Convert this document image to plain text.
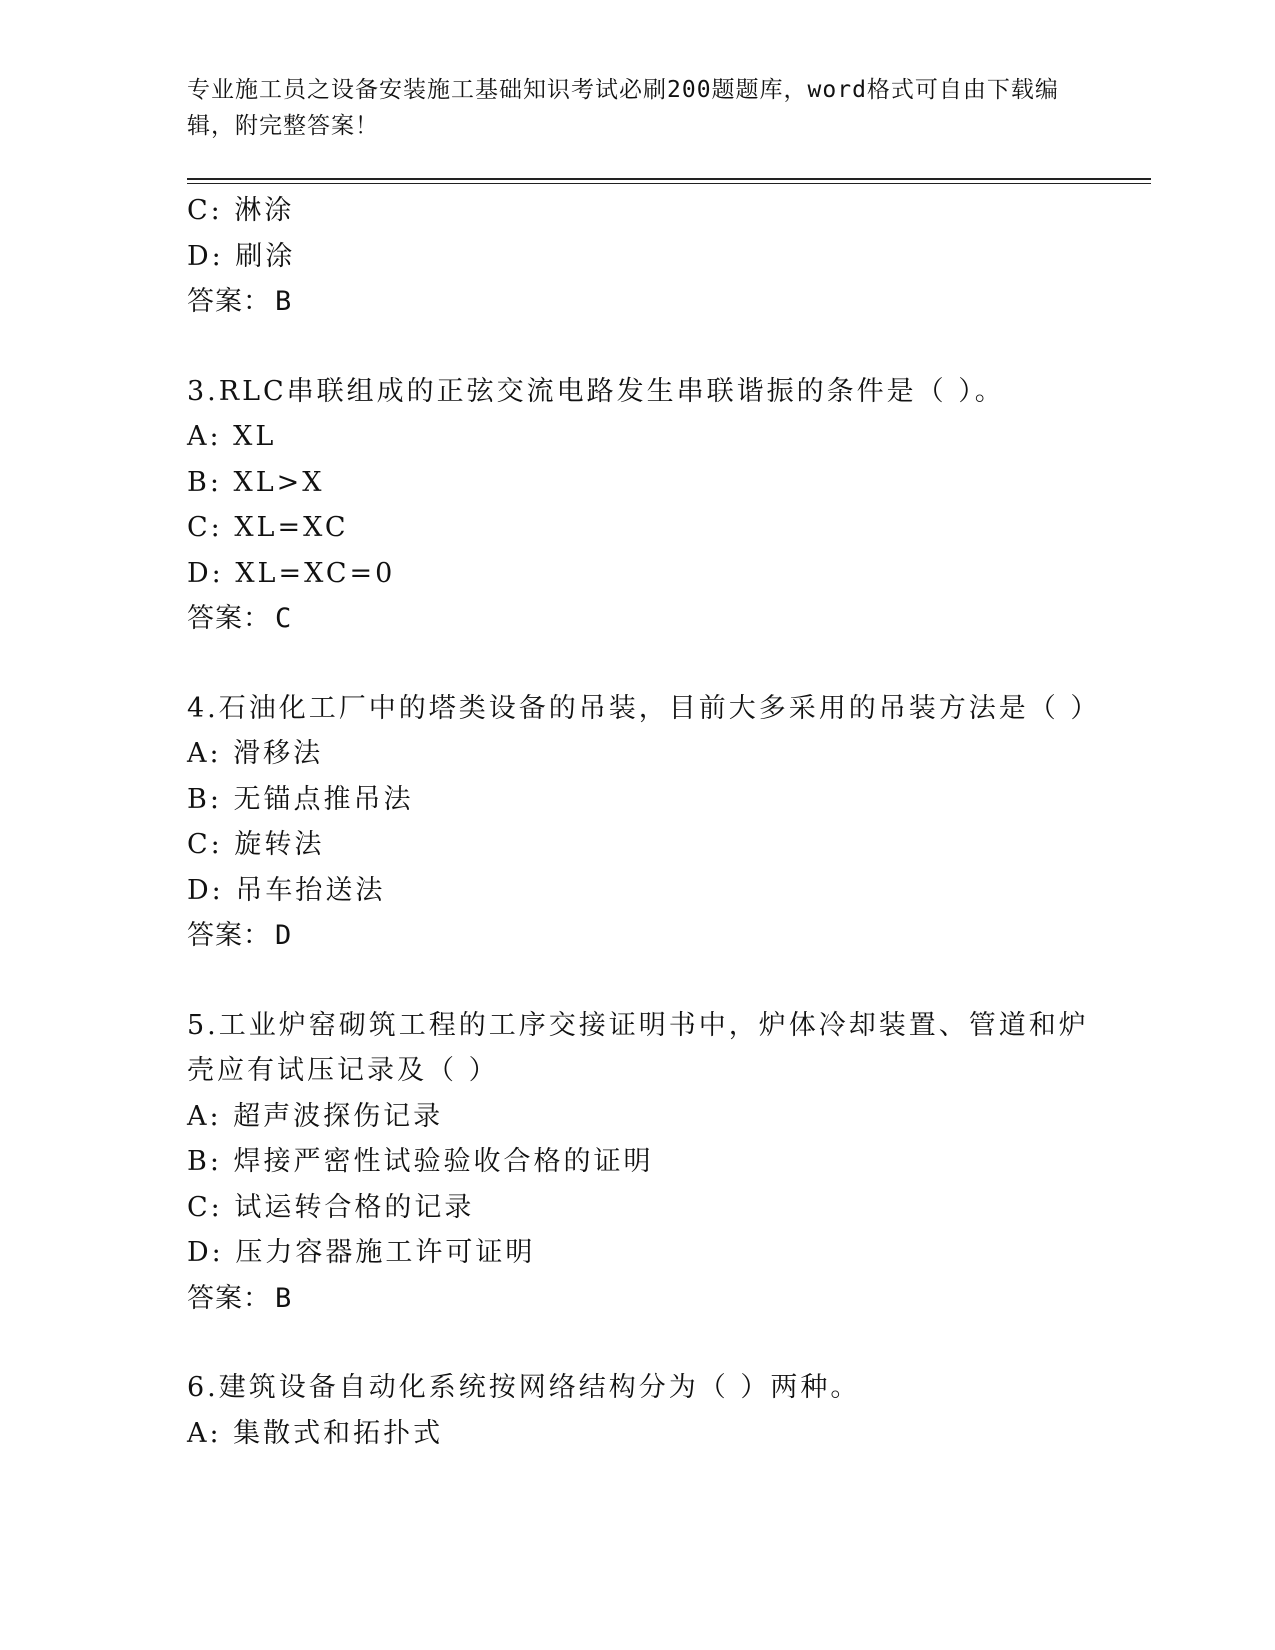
专业施工员之设备安装施工基础知识考试必刷200题题库，word格式可自由下载编辑，附完整答案！
C: 淋涂
D: 刷涂
答案： B
3.RLC串联组成的正弦交流电路发生串联谐振的条件是（ ）。
A: XL
B: XL>X
C: XL=XC
D: XL=XC=0
答案： C
4.石油化工厂中的塔类设备的吊装，目前大多采用的吊装方法是（ ）
A: 滑移法
B: 无锚点推吊法
C: 旋转法
D: 吊车抬送法
答案： D
5.工业炉窑砌筑工程的工序交接证明书中，炉体冷却装置、管道和炉
壳应有试压记录及（ ）
A: 超声波探伤记录
B: 焊接严密性试验验收合格的证明
C: 试运转合格的记录
D: 压力容器施工许可证明
答案： B
6.建筑设备自动化系统按网络结构分为（ ）两种。
A: 集散式和拓扑式
